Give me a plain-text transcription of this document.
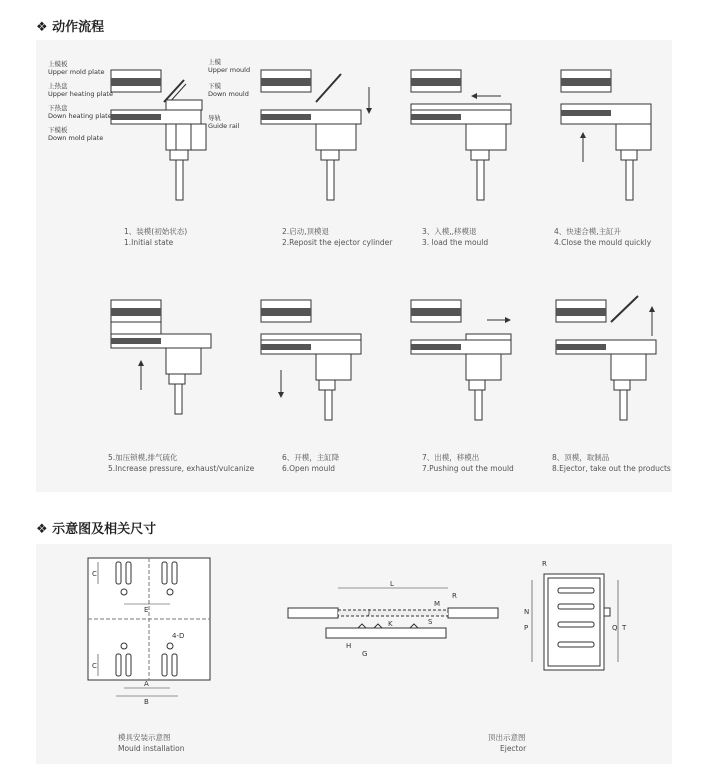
❖ 动作流程
上模板
Upper mold plate
上热盘
Upper heating plate
下热盘
Down heating plate
下模板
Down mold plate
上模
Upper mould
下模
Down mould
导轨
Guide rail
1、装模(初始状态)
1.Initial state
2.启动,顶模退
2.Reposit the ejector cylinder
3、入模,,移模退
3. load the mould
4、快速合模,主缸升
4.Close the mould quickly
5.加压锁模,排气硫化
5.Increase pressure, exhaust/vulcanize
6、开模，主缸降
6.Open mould
7、出模，移模出
7.Pushing out the mould
8、顶模，取制品
8.Ejector, take out the products
❖ 示意图及相关尺寸
C
C
E
4-D
A
B
L
R
M
J
S
K
H
G
R
N
P	Q T
模具安装示意图
Mould installation
顶出示意图
Ejector
